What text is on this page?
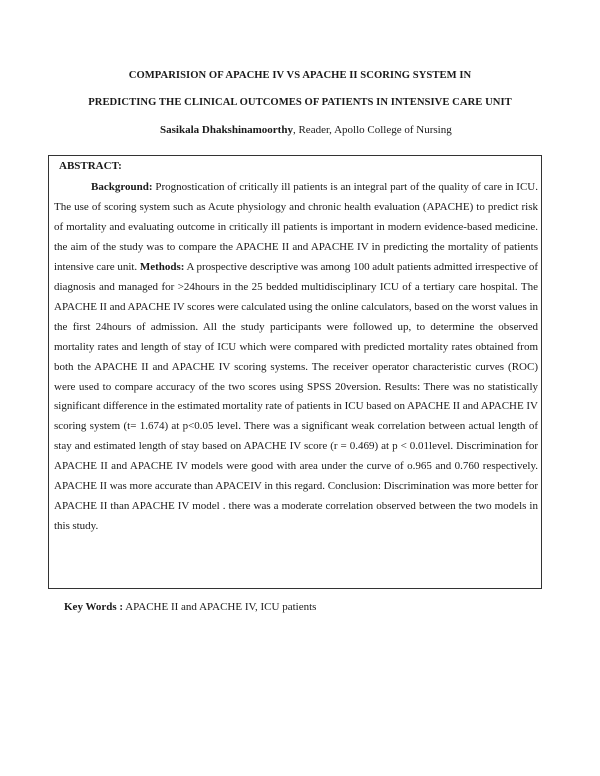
COMPARISION OF APACHE IV VS APACHE II SCORING SYSTEM IN
PREDICTING THE CLINICAL OUTCOMES OF PATIENTS IN INTENSIVE CARE UNIT
Sasikala Dhakshinamoorthy, Reader, Apollo College of Nursing
ABSTRACT:
Background: Prognostication of critically ill patients is an integral part of the quality of care in ICU. The use of scoring system such as Acute physiology and chronic health evaluation (APACHE) to predict risk of mortality and evaluating outcome in critically ill patients is important in modern evidence-based medicine. the aim of the study was to compare the APACHE II and APACHE IV in predicting the mortality of patients intensive care unit. Methods: A prospective descriptive was among 100 adult patients admitted irrespective of diagnosis and managed for >24hours in the 25 bedded multidisciplinary ICU of a tertiary care hospital. The APACHE II and APACHE IV scores were calculated using the online calculators, based on the worst values in the first 24hours of admission. All the study participants were followed up, to determine the observed mortality rates and length of stay of ICU which were compared with predicted mortality rates obtained from both the APACHE II and APACHE IV scoring systems. The receiver operator characteristic curves (ROC) were used to compare accuracy of the two scores using SPSS 20version. Results: There was no statistically significant difference in the estimated mortality rate of patients in ICU based on APACHE II and APACHE IV scoring system (t= 1.674) at p<0.05 level. There was a significant weak correlation between actual length of stay and estimated length of stay based on APACHE IV score (r = 0.469) at p < 0.01level. Discrimination for APACHE II and APACHE IV models were good with area under the curve of o.965 and 0.760 respectively. APACHE II was more accurate than APACEIV in this regard. Conclusion: Discrimination was more better for APACHE II than APACHE IV model . there was a moderate correlation observed between the two models in this study.
Key Words : APACHE II and APACHE IV, ICU patients
